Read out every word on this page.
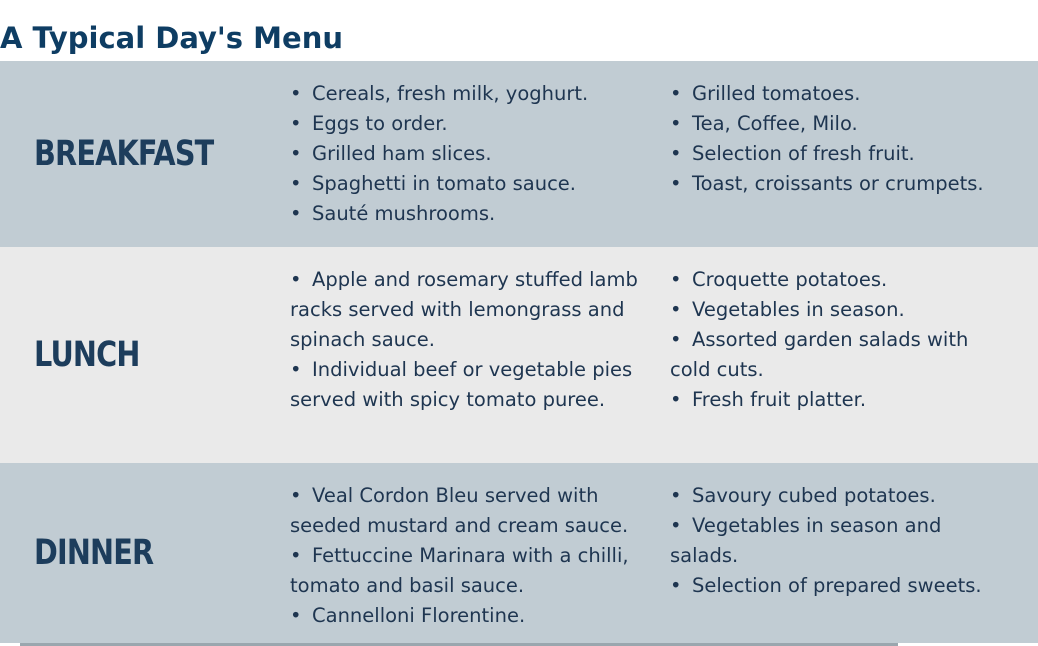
A Typical Day's Menu
BREAKFAST
• Cereals, fresh milk, yoghurt.
• Eggs to order.
• Grilled ham slices.
• Spaghetti in tomato sauce.
• Sauté mushrooms.
• Grilled tomatoes.
• Tea, Coffee, Milo.
• Selection of fresh fruit.
• Toast, croissants or crumpets.
LUNCH
• Apple and rosemary stuffed lamb racks served with lemongrass and spinach sauce.
• Individual beef or vegetable pies served with spicy tomato puree.
• Croquette potatoes.
• Vegetables in season.
• Assorted garden salads with cold cuts.
• Fresh fruit platter.
DINNER
• Veal Cordon Bleu served with seeded mustard and cream sauce.
• Fettuccine Marinara with a chilli, tomato and basil sauce.
• Cannelloni Florentine.
• Savoury cubed potatoes.
• Vegetables in season and salads.
• Selection of prepared sweets.
